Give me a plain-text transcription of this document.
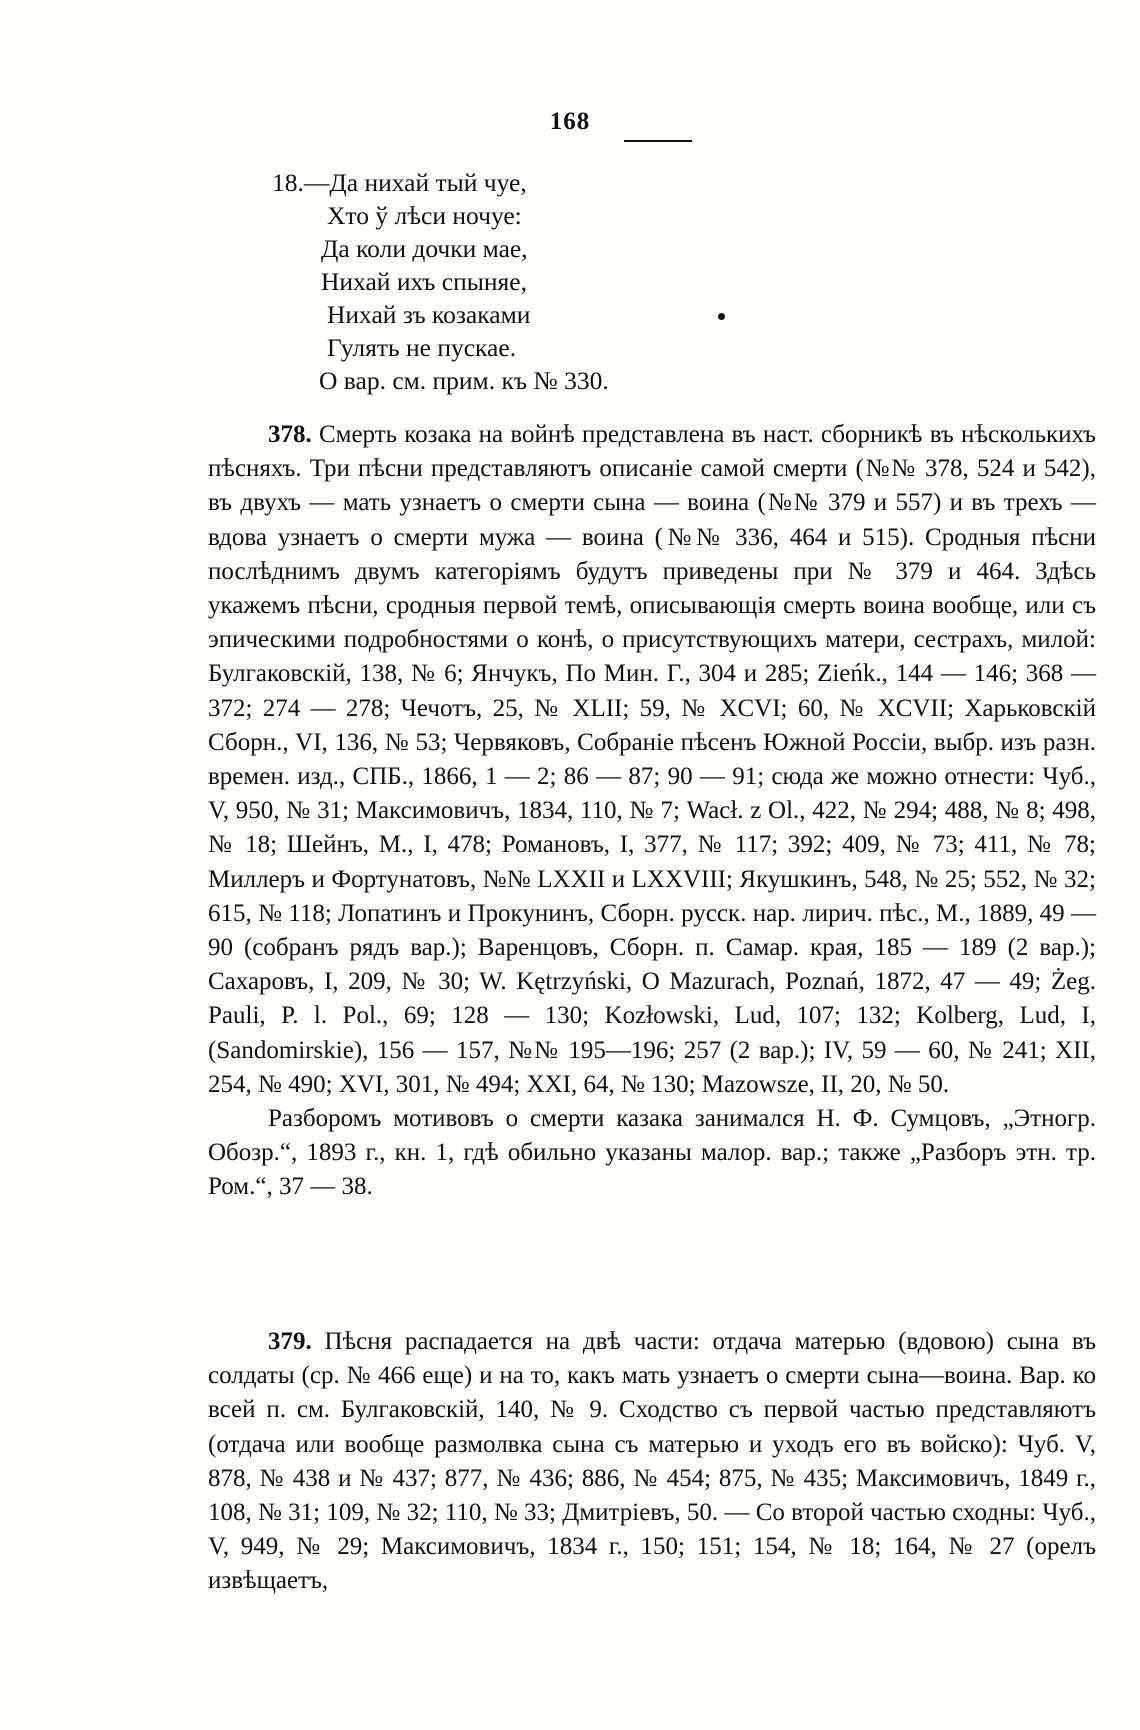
168
18.—Да нихай тый чуе,
Хто ў лѣси ночуе:
Да коли дочки мае,
Нихай ихъ спыняе,
Нихай зъ козаками
Гулять не пускае.
О вар. см. прим. къ № 330.

378. Смерть козака на войнѣ представлена въ наст. сборникѣ въ нѣсколькихъ пѣсняхъ. Три пѣсни представляютъ описаніе самой смерти (№№ 378, 524 и 542), въ двухъ — мать узнаетъ о смерти сына — воина (№№ 379 и 557) и въ трехъ — вдова узнаетъ о смерти мужа — воина (№№ 336, 464 и 515). Сродныя пѣсни послѣднимъ двумъ категоріямъ будутъ приведены при № 379 и 464. Здѣсь укажемъ пѣсни, сродныя первой темѣ, описывающія смерть воина вообще, или съ эпическими подробностями о конѣ, о присутствующихъ матери, сестрахъ, милой: Булгаковскій, 138, № 6; Янчукъ, По Мин. Г., 304 и 285; Zieńk., 144 — 146; 368 — 372; 274 — 278; Чечотъ, 25, № XLII; 59, № XCVI; 60, № XCVII; Харьковскій Сборн., VI, 136, № 53; Червяковъ, Собраніе пѣсенъ Южной Россіи, выбр. изъ разн. времен. изд., СПБ., 1866, 1 — 2; 86 — 87; 90 — 91; сюда же можно отнести: Чуб., V, 950, № 31; Максимовичъ, 1834, 110, № 7; Wacł. z Ol., 422, № 294; 488, № 8; 498, № 18; Шейнъ, М., I, 478; Романовъ, I, 377, № 117; 392; 409, № 73; 411, № 78; Миллеръ и Фортунатовъ, №№ LXXII и LXXVIII; Якушкинъ, 548, № 25; 552, № 32; 615, № 118; Лопатинъ и Прокунинъ, Сборн. русск. нар. лирич. пѣс., М., 1889, 49 — 90 (собранъ рядъ вар.); Варенцовъ, Сборн. п. Самар. края, 185 — 189 (2 вар.); Сахаровъ, I, 209, № 30; W. Kętrzyński, O Mazurach, Poznań, 1872, 47 — 49; Żeg. Pauli, P. l. Pol., 69; 128 — 130; Kozłowski, Lud, 107; 132; Kolberg, Lud, I, (Sandomirskie), 156 — 157, №№ 195—196; 257 (2 вар.); IV, 59 — 60, № 241; XII, 254, № 490; XVI, 301, № 494; XXI, 64, № 130; Mazowsze, II, 20, № 50.

Разборомъ мотивовъ о смерти казака занимался Н. Ф. Сумцовъ, „Этногр. Обозр.“, 1893 г., кн. 1, гдѣ обильно указаны малор. вар.; также „Разборъ этн. тр. Ром.“, 37 — 38.

379. Пѣсня распадается на двѣ части: отдача матерью (вдовою) сына въ солдаты (ср. № 466 еще) и на то, какъ мать узнаетъ о смерти сына—воина. Вар. ко всей п. см. Булгаковскій, 140, № 9. Сходство съ первой частью представляютъ (отдача или вообще размолвка сына съ матерью и уходъ его въ войско): Чуб. V, 878, № 438 и № 437; 877, № 436; 886, № 454; 875, № 435; Максимовичъ, 1849 г., 108, № 31; 109, № 32; 110, № 33; Дмитріевъ, 50. — Со второй частью сходны: Чуб., V, 949, № 29; Максимовичъ, 1834 г., 150; 151; 154, № 18; 164, № 27 (орелъ извѣщаетъ,
